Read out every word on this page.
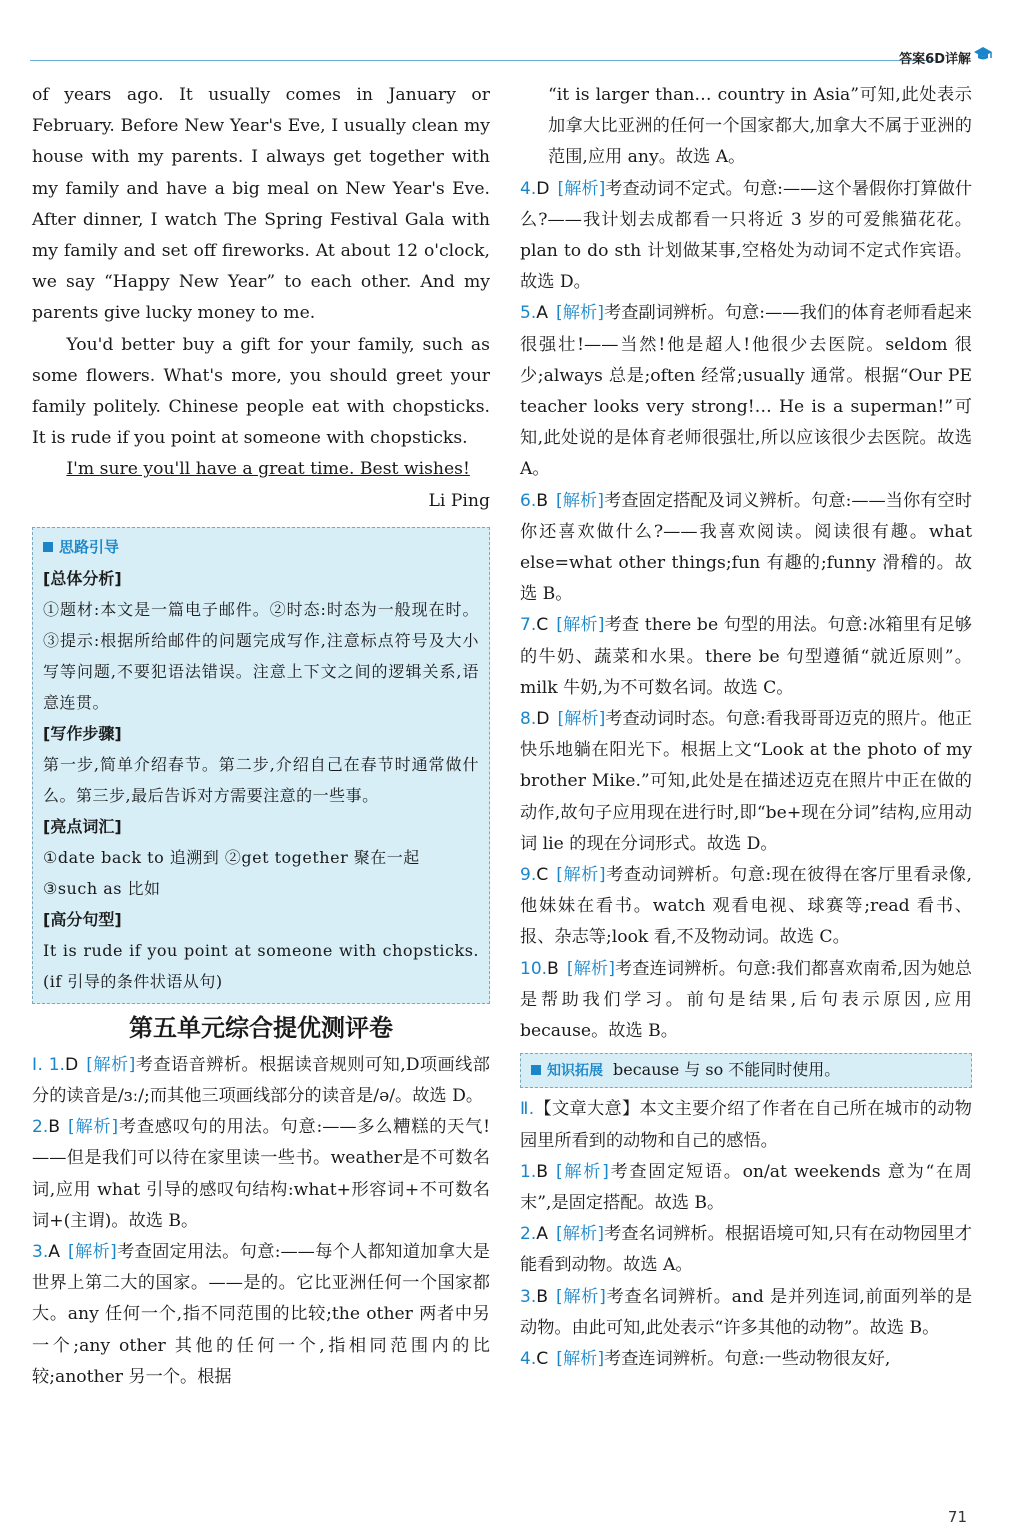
答案6D详解

of years ago. It usually comes in January or February. Before New Year's Eve, I usually clean my house with my parents. I always get together with my family and have a big meal on New Year's Eve. After dinner, I watch The Spring Festival Gala with my family and set off fireworks. At about 12 o'clock, we say “Happy New Year” to each other. And my parents give lucky money to me.

You'd better buy a gift for your family, such as some flowers. What's more, you should greet your family politely. Chinese people eat with chopsticks. It is rude if you point at someone with chopsticks.

I'm sure you'll have a great time. Best wishes!

Li Ping

思路引导
[总体分析]

①题材:本文是一篇电子邮件。②时态:时态为一般现在时。③提示:根据所给邮件的问题完成写作,注意标点符号及大小写等问题,不要犯语法错误。注意上下文之间的逻辑关系,语意连贯。

[写作步骤]

第一步,简单介绍春节。第二步,介绍自己在春节时通常做什么。第三步,最后告诉对方需要注意的一些事。

[亮点词汇]

①date back to 追溯到 ②get together 聚在一起

③such as 比如

[高分句型]

It is rude if you point at someone with chopsticks. (if 引导的条件状语从句)

第五单元综合提优测评卷

Ⅰ. 1.D [解析]考查语音辨析。根据读音规则可知,D项画线部分的读音是/ɜː/;而其他三项画线部分的读音是/ə/。故选 D。

2.B [解析]考查感叹句的用法。句意:——多么糟糕的天气!——但是我们可以待在家里读一些书。weather是不可数名词,应用 what 引导的感叹句结构:what+形容词+不可数名词+(主谓)。故选 B。

3.A [解析]考查固定用法。句意:——每个人都知道加拿大是世界上第二大的国家。——是的。它比亚洲任何一个国家都大。any 任何一个,指不同范围的比较;the other 两者中另一个;any other 其他的任何一个,指相同范围内的比较;another 另一个。根据

“it is larger than… country in Asia”可知,此处表示加拿大比亚洲的任何一个国家都大,加拿大不属于亚洲的范围,应用 any。故选 A。

4.D [解析]考查动词不定式。句意:——这个暑假你打算做什么?——我计划去成都看一只将近 3 岁的可爱熊猫花花。plan to do sth 计划做某事,空格处为动词不定式作宾语。故选 D。

5.A [解析]考查副词辨析。句意:——我们的体育老师看起来很强壮!——当然!他是超人!他很少去医院。seldom 很少;always 总是;often 经常;usually 通常。根据“Our PE teacher looks very strong!… He is a superman!”可知,此处说的是体育老师很强壮,所以应该很少去医院。故选 A。

6.B [解析]考查固定搭配及词义辨析。句意:——当你有空时你还喜欢做什么?——我喜欢阅读。阅读很有趣。what else=what other things;fun 有趣的;funny 滑稽的。故选 B。

7.C [解析]考查 there be 句型的用法。句意:冰箱里有足够的牛奶、蔬菜和水果。there be 句型遵循“就近原则”。milk 牛奶,为不可数名词。故选 C。

8.D [解析]考查动词时态。句意:看我哥哥迈克的照片。他正快乐地躺在阳光下。根据上文“Look at the photo of my brother Mike.”可知,此处是在描述迈克在照片中正在做的动作,故句子应用现在进行时,即“be+现在分词”结构,应用动词 lie 的现在分词形式。故选 D。

9.C [解析]考查动词辨析。句意:现在彼得在客厅里看录像,他妹妹在看书。watch 观看电视、球赛等;read 看书、报、杂志等;look 看,不及物动词。故选 C。

10.B [解析]考查连词辨析。句意:我们都喜欢南希,因为她总是帮助我们学习。前句是结果,后句表示原因,应用 because。故选 B。

知识拓展 because 与 so 不能同时使用。

Ⅱ.【文章大意】本文主要介绍了作者在自己所在城市的动物园里所看到的动物和自己的感悟。

1.B [解析]考查固定短语。on/at weekends 意为“在周末”,是固定搭配。故选 B。

2.A [解析]考查名词辨析。根据语境可知,只有在动物园里才能看到动物。故选 A。

3.B [解析]考查名词辨析。and 是并列连词,前面列举的是动物。由此可知,此处表示“许多其他的动物”。故选 B。

4.C [解析]考查连词辨析。句意:一些动物很友好,

71
